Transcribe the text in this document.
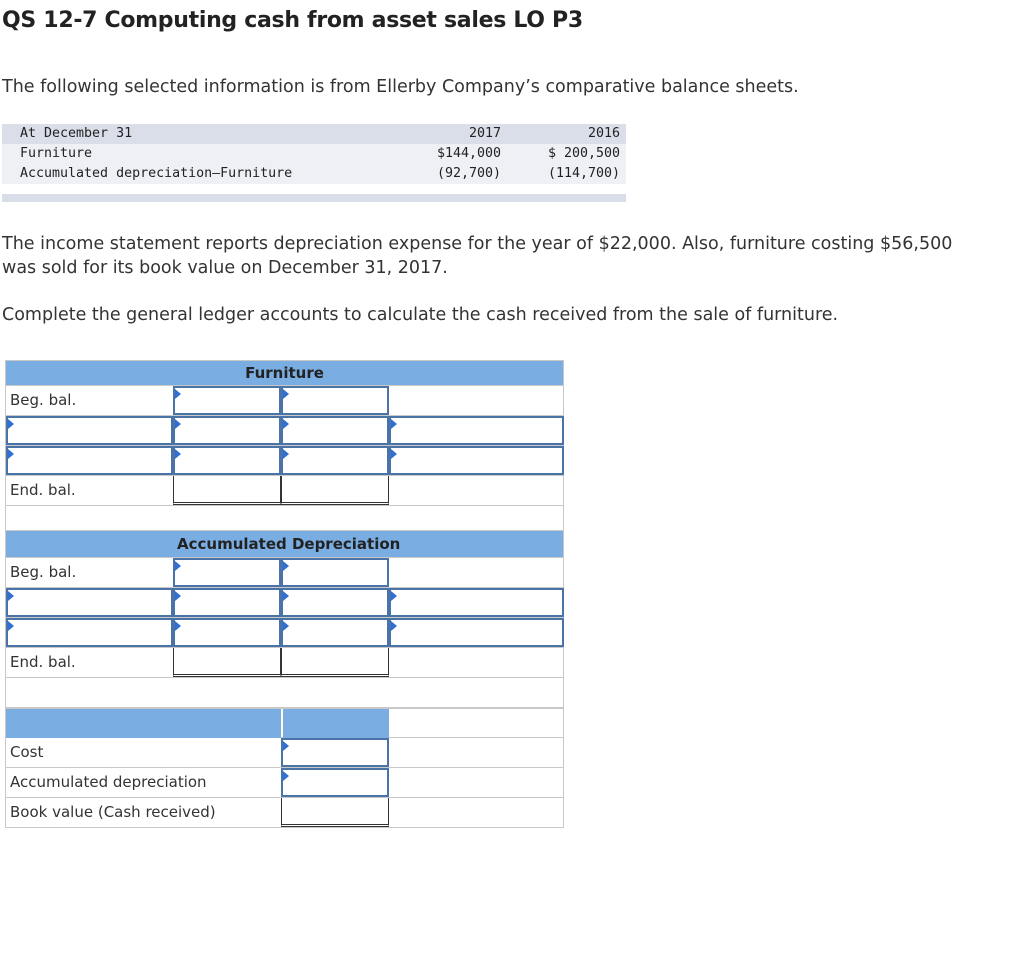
QS 12-7 Computing cash from asset sales LO P3

The following selected information is from Ellerby Company’s comparative balance sheets.

At December 31	2017	2016
Furniture	$144,000	$ 200,500
Accumulated depreciation—Furniture	(92,700)	(114,700)

The income statement reports depreciation expense for the year of $22,000. Also, furniture costing $56,500

was sold for its book value on December 31, 2017.

Complete the general ledger accounts to calculate the cash received from the sale of furniture.

Furniture
Beg. bal.
End. bal.
Accumulated Depreciation
Beg. bal.
End. bal.
Cost
Accumulated depreciation
Book value (Cash received)
